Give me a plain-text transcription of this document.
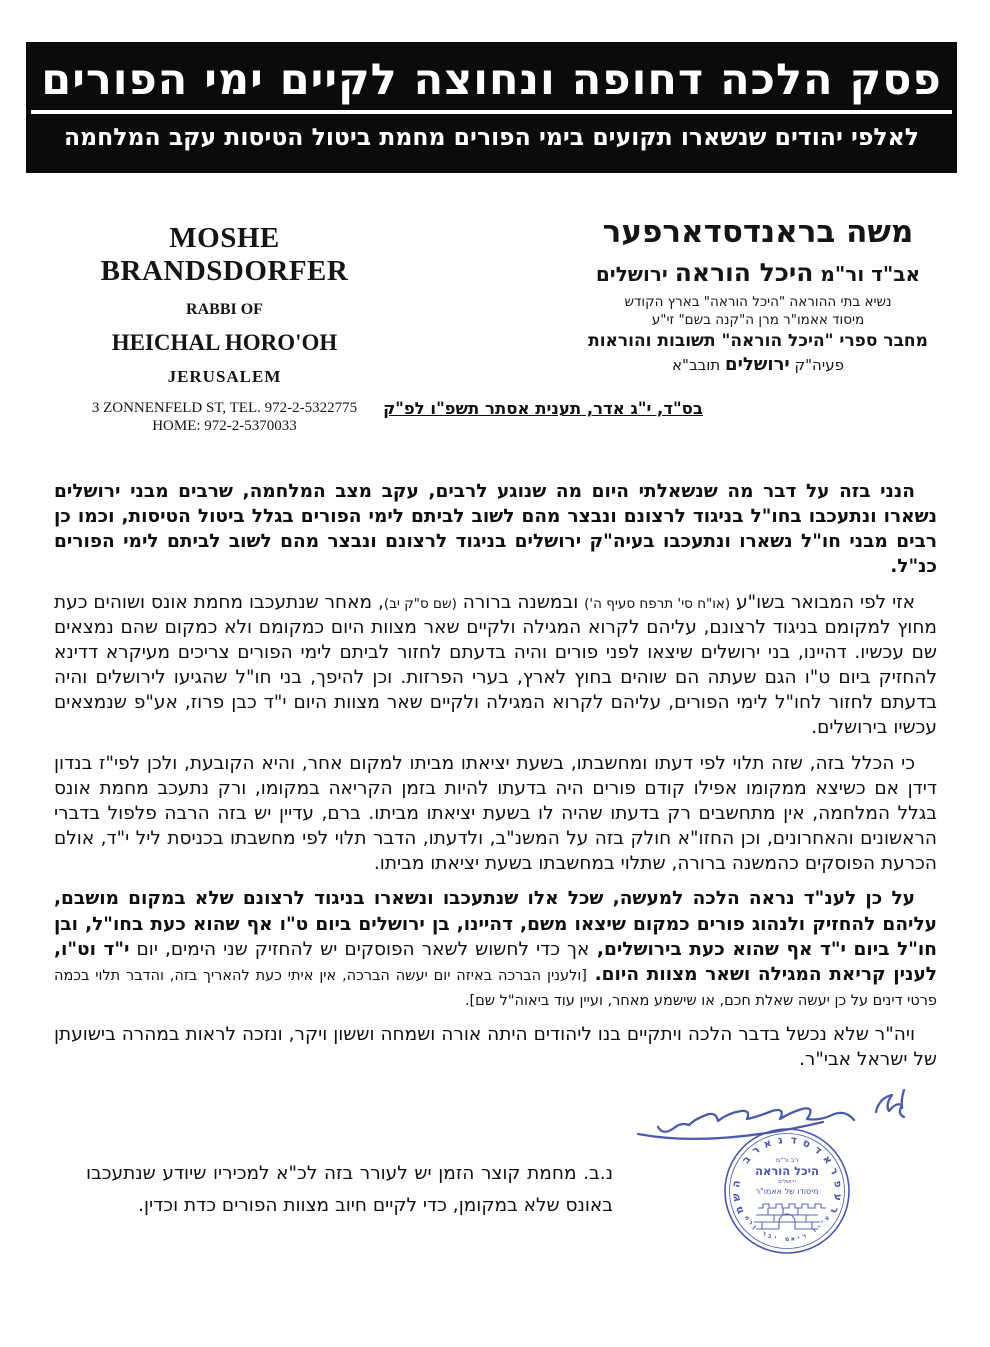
פסק הלכה דחופה ונחוצה לקיים ימי הפורים
לאלפי יהודים שנשארו תקועים בימי הפורים מחמת ביטול הטיסות עקב המלחמה
MOSHE BRANDSDORFER
RABBI OF
HEICHAL HORO'OH
JERUSALEM
3 ZONNENFELD ST, TEL. 972-2-5322775
HOME: 972-2-5370033
משה בראנדסדארפער
אב"ד ור"מ היכל הוראה ירושלים
נשיא בתי ההוראה "היכל הוראה" בארץ הקודש
מיסוד אאמו"ר מרן ה"קנה בשם" זי"ע
מחבר ספרי "היכל הוראה" תשובות והוראות
פעיה"ק ירושלים תובב"א
בס"ד, י"ג אדר, תענית אסתר תשפ"ו לפ"ק

הנני בזה על דבר מה שנשאלתי היום מה שנוגע לרבים, עקב מצב המלחמה, שרבים מבני ירושלים נשארו ונתעכבו בחו"ל בניגוד לרצונם ונבצר מהם לשוב לביתם לימי הפורים בגלל ביטול הטיסות, וכמו כן רבים מבני חו"ל נשארו ונתעכבו בעיה"ק ירושלים בניגוד לרצונם ונבצר מהם לשוב לביתם לימי הפורים כנ"ל.

אזי לפי המבואר בשו"ע (או"ח סי' תרפח סעיף ה') ובמשנה ברורה (שם ס"ק יב), מאחר שנתעכבו מחמת אונס ושוהים כעת מחוץ למקומם בניגוד לרצונם, עליהם לקרוא המגילה ולקיים שאר מצוות היום כמקומם ולא כמקום שהם נמצאים שם עכשיו. דהיינו, בני ירושלים שיצאו לפני פורים והיה בדעתם לחזור לביתם לימי הפורים צריכים מעיקרא דדינא להחזיק ביום ט"ו הגם שעתה הם שוהים בחוץ לארץ, בערי הפרזות. וכן להיפך, בני חו"ל שהגיעו לירושלים והיה בדעתם לחזור לחו"ל לימי הפורים, עליהם לקרוא המגילה ולקיים שאר מצוות היום י"ד כבן פרוז, אע"פ שנמצאים עכשיו בירושלים.

כי הכלל בזה, שזה תלוי לפי דעתו ומחשבתו, בשעת יציאתו מביתו למקום אחר, והיא הקובעת, ולכן לפי"ז בנדון דידן אם כשיצא ממקומו אפילו קודם פורים היה בדעתו להיות בזמן הקריאה במקומו, ורק נתעכב מחמת אונס בגלל המלחמה, אין מתחשבים רק בדעתו שהיה לו בשעת יציאתו מביתו. ברם, עדיין יש בזה הרבה פלפול בדברי הראשונים והאחרונים, וכן החזו"א חולק בזה על המשנ"ב, ולדעתו, הדבר תלוי לפי מחשבתו בכניסת ליל י"ד, אולם הכרעת הפוסקים כהמשנה ברורה, שתלוי במחשבתו בשעת יציאתו מביתו.

על כן לענ"ד נראה הלכה למעשה, שכל אלו שנתעכבו ונשארו בניגוד לרצונם שלא במקום מושבם, עליהם להחזיק ולנהוג פורים כמקום שיצאו משם, דהיינו, בן ירושלים ביום ט"ו אף שהוא כעת בחו"ל, ובן חו"ל ביום י"ד אף שהוא כעת בירושלים, אך כדי לחשוש לשאר הפוסקים יש להחזיק שני הימים, יום י"ד וט"ו, לענין קריאת המגילה ושאר מצוות היום. [ולענין הברכה באיזה יום יעשה הברכה, אין איתי כעת להאריך בזה, והדבר תלוי בכמה פרטי דינים על כן יעשה שאלת חכם, או שישמע מאחר, ועיין עוד ביאוה"ל שם].

ויה"ר שלא נכשל בדבר הלכה ויתקיים בנו ליהודים היתה אורה ושמחה וששון ויקר, ונזכה לראות במהרה בישועתן של ישראל אבי"ר.

מ
ש
ה
ב
ר א נ ד ס ד
א
ר
פ
ע
ר
מ
ר
ן
ר ב י מ א י ר
ז
י
"
ע
רב ור"מ
היכל הוראה
ירושלים
מיסודו של אאמו"ר
נ.ב. מחמת קוצר הזמן יש לעורר בזה לכ"א למכיריו שיודע שנתעכבו באונס שלא במקומן, כדי לקיים חיוב מצוות הפורים כדת וכדין.
